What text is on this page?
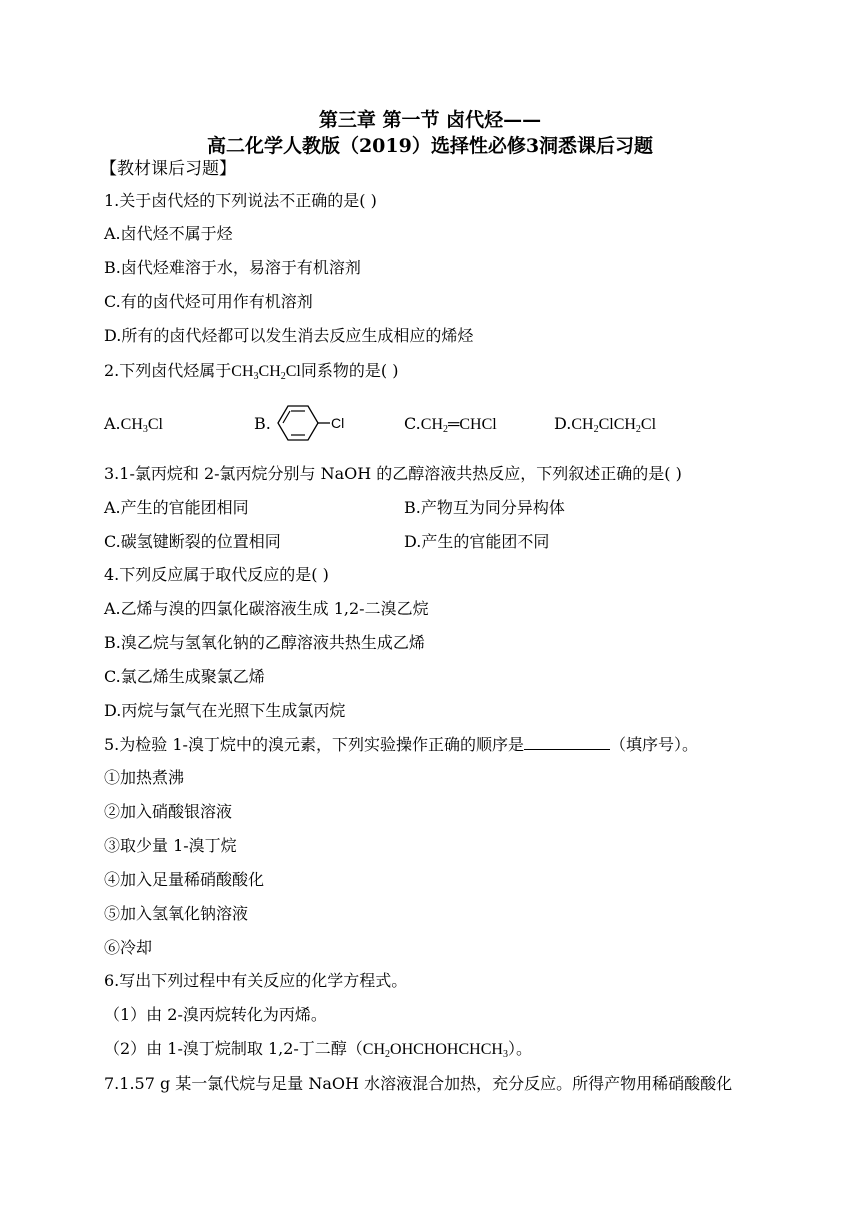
第三章 第一节 卤代烃——
高二化学人教版（2019）选择性必修3洞悉课后习题
【教材课后习题】
1.关于卤代烃的下列说法不正确的是( )
A.卤代烃不属于烃
B.卤代烃难溶于水，易溶于有机溶剂
C.有的卤代烃可用作有机溶剂
D.所有的卤代烃都可以发生消去反应生成相应的烯烃
2.下列卤代烃属于$CH_3CH_2Cl$同系物的是( )
$A.CH_3Cl$	B.	Cl	$C.CH_2═CHCl$	$D.CH_2ClCH_2Cl$
3.1-氯丙烷和 2-氯丙烷分别与 NaOH 的乙醇溶液共热反应，下列叙述正确的是( )
A.产生的官能团相同	B.产物互为同分异构体
C.碳氢键断裂的位置相同	D.产生的官能团不同
4.下列反应属于取代反应的是( )
A.乙烯与溴的四氯化碳溶液生成 1,2-二溴乙烷
B.溴乙烷与氢氧化钠的乙醇溶液共热生成乙烯
C.氯乙烯生成聚氯乙烯
D.丙烷与氯气在光照下生成氯丙烷
5.为检验 1-溴丁烷中的溴元素，下列实验操作正确的顺序是	（填序号）。
①加热煮沸
②加入硝酸银溶液
③取少量 1-溴丁烷
④加入足量稀硝酸酸化
⑤加入氢氧化钠溶液
⑥冷却
6.写出下列过程中有关反应的化学方程式。
（1）由 2-溴丙烷转化为丙烯。
（2）由 1-溴丁烷制取 1,2-丁二醇$(CH_2OHCHOHCHCH_3)$。
7.1.57 g 某一氯代烷与足量 NaOH 水溶液混合加热，充分反应。所得产物用稀硝酸酸化
